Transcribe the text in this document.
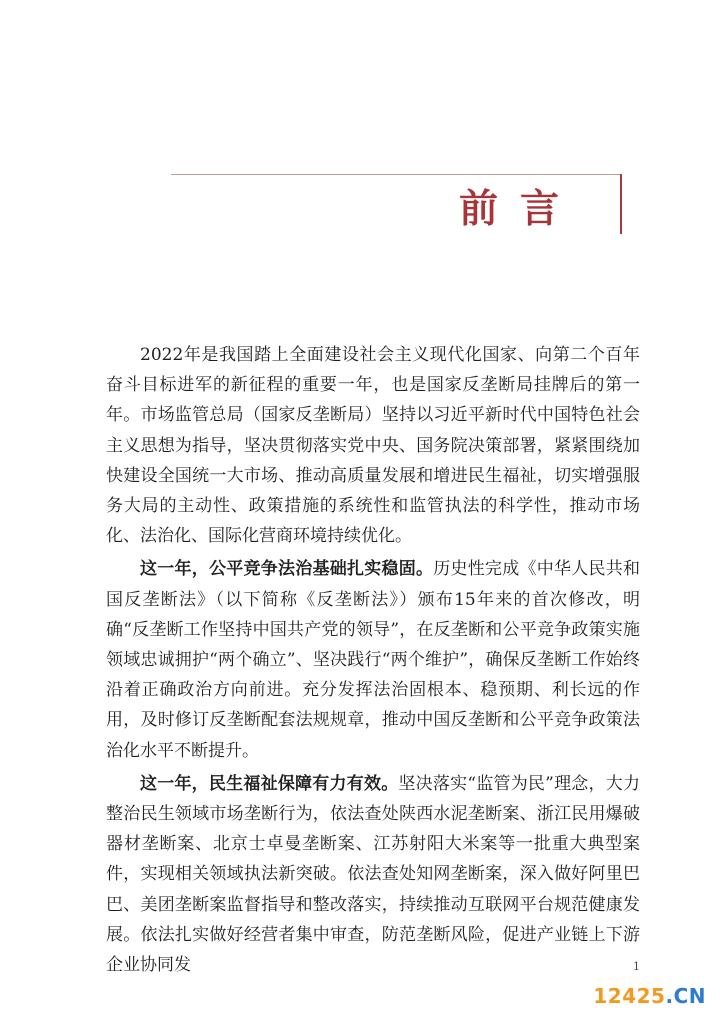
前言

2022年是我国踏上全面建设社会主义现代化国家、向第二个百年奋斗目标进军的新征程的重要一年，也是国家反垄断局挂牌后的第一年。市场监管总局（国家反垄断局）坚持以习近平新时代中国特色社会主义思想为指导，坚决贯彻落实党中央、国务院决策部署，紧紧围绕加快建设全国统一大市场、推动高质量发展和增进民生福祉，切实增强服务大局的主动性、政策措施的系统性和监管执法的科学性，推动市场化、法治化、国际化营商环境持续优化。

这一年，公平竞争法治基础扎实稳固。历史性完成《中华人民共和国反垄断法》（以下简称《反垄断法》）颁布15年来的首次修改，明确“反垄断工作坚持中国共产党的领导”，在反垄断和公平竞争政策实施领域忠诚拥护“两个确立”、坚决践行“两个维护”，确保反垄断工作始终沿着正确政治方向前进。充分发挥法治固根本、稳预期、利长远的作用，及时修订反垄断配套法规规章，推动中国反垄断和公平竞争政策法治化水平不断提升。

这一年，民生福祉保障有力有效。坚决落实“监管为民”理念，大力整治民生领域市场垄断行为，依法查处陕西水泥垄断案、浙江民用爆破器材垄断案、北京士卓曼垄断案、江苏射阳大米案等一批重大典型案件，实现相关领域执法新突破。依法查处知网垄断案，深入做好阿里巴巴、美团垄断案监督指导和整改落实，持续推动互联网平台规范健康发展。依法扎实做好经营者集中审查，防范垄断风险，促进产业链上下游企业协同发	1
12425.CN
